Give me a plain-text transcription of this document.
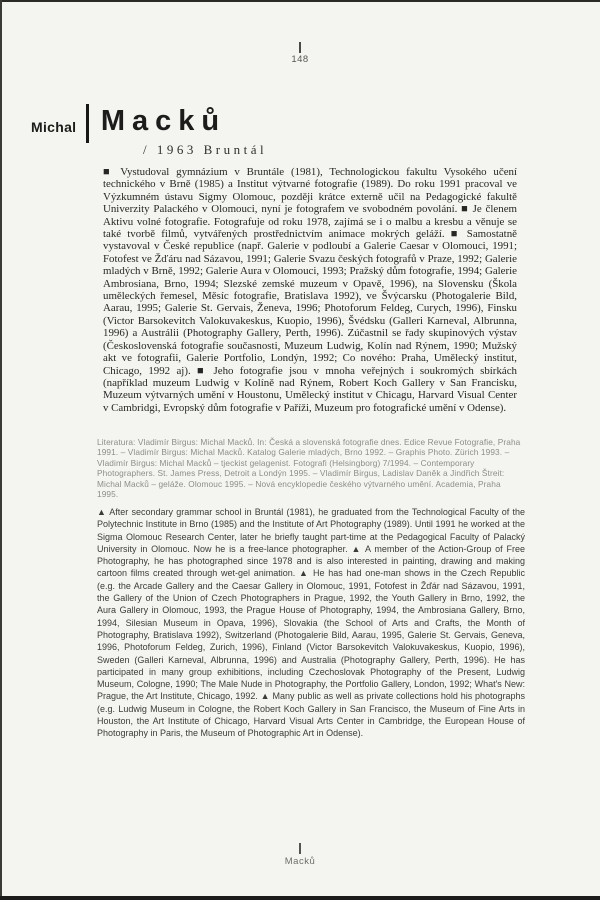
148
Michal Macků
/ 1963 Bruntál
■ Vystudoval gymnázium v Bruntále (1981), Technologickou fakultu Vysokého učení technického v Brně (1985) a Institut výtvarné fotografie (1989). Do roku 1991 pracoval ve Výzkumném ústavu Sigmy Olomouc, později krátce externě učil na Pedagogické fakultě Univerzity Palackého v Olomouci, nyní je fotografem ve svobodném povolání. ■ Je členem Aktivu volné fotografie. Fotografuje od roku 1978, zajímá se i o malbu a kresbu a věnuje se také tvorbě filmů, vytvářených prostřednictvím animace mokrých geláží. ■ Samostatně vystavoval v České republice (např. Galerie v podloubí a Galerie Caesar v Olomouci, 1991; Fotofest ve Žďáru nad Sázavou, 1991; Galerie Svazu českých fotografů v Praze, 1992; Galerie mladých v Brně, 1992; Galerie Aura v Olomouci, 1993; Pražský dům fotografie, 1994; Galerie Ambrosiana, Brno, 1994; Slezské zemské muzeum v Opavě, 1996), na Slovensku (Škola uměleckých řemesel, Měsíc fotografie, Bratislava 1992), ve Švýcarsku (Photogalerie Bild, Aarau, 1995; Galerie St. Gervais, Ženeva, 1996; Photoforum Feldeg, Curych, 1996), Finsku (Victor Barsokevitch Valokuvakeskus, Kuopio, 1996), Švédsku (Galleri Karneval, Albrunna, 1996) a Austrálii (Photography Gallery, Perth, 1996). Zúčastnil se řady skupinových výstav (Československá fotografie současnosti, Muzeum Ludwig, Kolín nad Rýnem, 1990; Mužský akt ve fotografii, Galerie Portfolio, Londýn, 1992; Co nového: Praha, Umělecký institut, Chicago, 1992 aj). ■ Jeho fotografie jsou v mnoha veřejných i soukromých sbírkách (například muzeum Ludwig v Kolíně nad Rýnem, Robert Koch Gallery v San Francisku, Muzeum výtvarných umění v Houstonu, Umělecký institut v Chicagu, Harvard Visual Center v Cambridgi, Evropský dům fotografie v Paříži, Muzeum pro fotografické umění v Odense).
Literatura: Vladimír Birgus: Michal Macků. In: Česká a slovenská fotografie dnes. Edice Revue Fotografie, Praha 1991. – Vladimír Birgus: Michal Macků. Katalog Galerie mladých, Brno 1992. – Graphis Photo. Zürich 1993. – Vladimír Birgus: Michal Macků – tjeckist gelagenist. Fotografi (Helsingborg) 7/1994. – Contemporary Photographers. St. James Press, Detroit a Londýn 1995. – Vladimír Birgus, Ladislav Daněk a Jindřich Štreit: Michal Macků – geláže. Olomouc 1995. – Nová encyklopedie českého výtvarného umění. Academia, Praha 1995.
▲ After secondary grammar school in Bruntál (1981), he graduated from the Technological Faculty of the Polytechnic Institute in Brno (1985) and the Institute of Art Photography (1989). Until 1991 he worked at the Sigma Olomouc Research Center, later he briefly taught part-time at the Pedagogical Faculty of Palacký University in Olomouc. Now he is a free-lance photographer. ▲ A member of the Action-Group of Free Photography, he has photographed since 1978 and is also interested in painting, drawing and making cartoon films created through wet-gel animation. ▲ He has had one-man shows in the Czech Republic (e.g. the Arcade Gallery and the Caesar Gallery in Olomouc, 1991, Fotofest in Žďár nad Sázavou, 1991, the Gallery of the Union of Czech Photographers in Prague, 1992, the Youth Gallery in Brno, 1992, the Aura Gallery in Olomouc, 1993, the Prague House of Photography, 1994, the Ambrosiana Gallery, Brno, 1994, Silesian Museum in Opava, 1996), Slovakia (the School of Arts and Crafts, the Month of Photography, Bratislava 1992), Switzerland (Photogalerie Bild, Aarau, 1995, Galerie St. Gervais, Geneva, 1996, Photoforum Feldeg, Zurich, 1996), Finland (Victor Barsokevitch Valokuvakeskus, Kuopio, 1996), Sweden (Galleri Karneval, Albrunna, 1996) and Australia (Photography Gallery, Perth, 1996). He has participated in many group exhibitions, including Czechoslovak Photography of the Present, Ludwig Museum, Cologne, 1990; The Male Nude in Photography, the Portfolio Gallery, London, 1992; What's New: Prague, the Art Institute, Chicago, 1992. ▲ Many public as well as private collections hold his photographs (e.g. Ludwig Museum in Cologne, the Robert Koch Gallery in San Francisco, the Museum of Fine Arts in Houston, the Art Institute of Chicago, Harvard Visual Arts Center in Cambridge, the European House of Photography in Paris, the Museum of Photographic Art in Odense).
Macků
